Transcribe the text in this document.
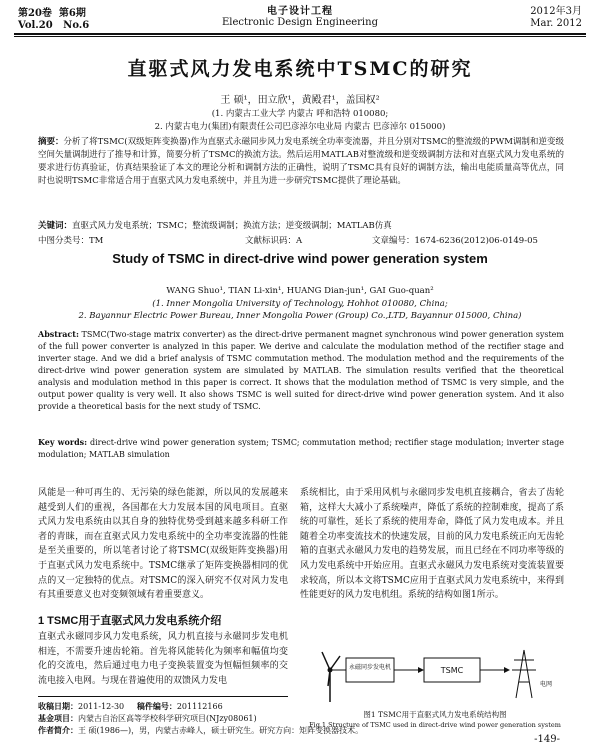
第20卷 第6期
Vol.20 No.6
电子设计工程
Electronic Design Engineering
2012年3月
Mar. 2012
直驱式风力发电系统中TSMC的研究
王 硕¹，田立欣¹，黄殿君¹，盖国权²
(1. 内蒙古工业大学 内蒙古 呼和浩特 010080;
2. 内蒙古电力(集团)有限责任公司巴彦淖尔电业局 内蒙古 巴彦淖尔 015000)
摘要：分析了将TSMC(双级矩阵变换器)作为直驱式永磁同步风力发电系统全功率变流器，并且分别对TSMC的整流级的PWM调制和逆变级空间矢量调制进行了推导和计算，简要分析了TSMC的换流方法。然后运用MATLAB对整流级和逆变级调制方法和对直驱式风力发电系统的要求进行仿真验证，仿真结果验证了本文的理论分析和调制方法的正确性，说明了TSMC具有良好的调制方法，输出电能质量高等优点，同时也说明TSMC非常适合用于直驱式风力发电系统中，并且为进一步研究TSMC提供了理论基础。
关键词：直驱式风力发电系统；TSMC；整流级调制；换流方法；逆变级调制；MATLAB仿真
中图分类号：TM	文献标识码：A	文章编号：1674-6236(2012)06-0149-05
Study of TSMC in direct-drive wind power generation system
WANG Shuo¹, TIAN Li-xin¹, HUANG Dian-jun¹, GAI Guo-quan²
(1. Inner Mongolia University of Technology, Hohhot 010080, China;
2. Bayannur Electric Power Bureau, Inner Mongolia Power (Group) Co.,LTD, Bayannur 015000, China)
Abstract: TSMC(Two-stage matrix converter) as the direct-drive permanent magnet synchronous wind power generation system of the full power converter is analyzed in this paper. We derive and calculate the modulation method of the rectifier stage and inverter stage. And we did a brief analysis of TSMC commutation method. The modulation method and the requirements of the direct-drive wind power generation system are simulated by MATLAB. The simulation results verified that the theoretical analysis and modulation method in this paper is correct. It shows that the modulation method of TSMC is very simple, and the output power quality is very well. It also shows TSMC is well suited for direct-drive wind power generation system. And it also provide a theoretical basis for the next study of TSMC.
Key words: direct-drive wind power generation system; TSMC; commutation method; rectifier stage modulation; inverter stage modulation; MATLAB simulation
风能是一种可再生的、无污染的绿色能源，所以风的发展越来越受到人们的重视，各国都在大力发展本国的风电项目。直驱式风力发电系统由以其自身的独特优势受到越来越多科研工作者的青睐，而在直驱式风力发电系统中的全功率变流器的性能是至关重要的，所以笔者讨论了将TSMC(双级矩阵变换器)用于直驱式风力发电系统中。TSMC继承了矩阵变换器相同的优点的又一定独特的优点。对TSMC的深入研究不仅对风力发电有其重要意义也对变频领域有着重要意义。
1 TSMC用于直驱式风力发电系统介绍
直驱式永磁同步风力发电系统，风力机直接与永磁同步发电机相连，不需要升速齿轮箱。首先将风能转化为频率和幅值均变化的交流电，然后通过电力电子变换装置变为恒幅恒频率的交流电接入电网。与现在普遍使用的双馈风力发电
系统相比，由于采用风机与永磁同步发电机直接耦合，省去了齿轮箱，这样大大减小了系统噪声，降低了系统的控制难度，提高了系统的可靠性，延长了系统的使用寿命，降低了风力发电成本。并且随着全功率变流技术的快速发展，目前的风力发电系统正向无齿轮箱的直驱式永磁风力发电的趋势发展，而且已经在不同功率等级的风力发电系统中开始应用。直驱式永磁风力发电系统对变流装置要求较高，所以本文将TSMC应用于直驱式风力发电系统中，来得到性能更好的风力发电机组。系统的结构如图1所示。
永磁同步发电机	TSMC
电网
图1 TSMC用于直驱式风力发电系统结构图
Fig.1 Structure of TSMC used in direct-drive wind power generation system
收稿日期：2011-12-30 稿件编号：201112166
基金项目：内蒙古自治区高等学校科学研究项目(NJzy08061)
作者简介：王 硕(1986—)，男，内蒙古赤峰人，硕士研究生。研究方向：矩阵变换器技术。
-149-
